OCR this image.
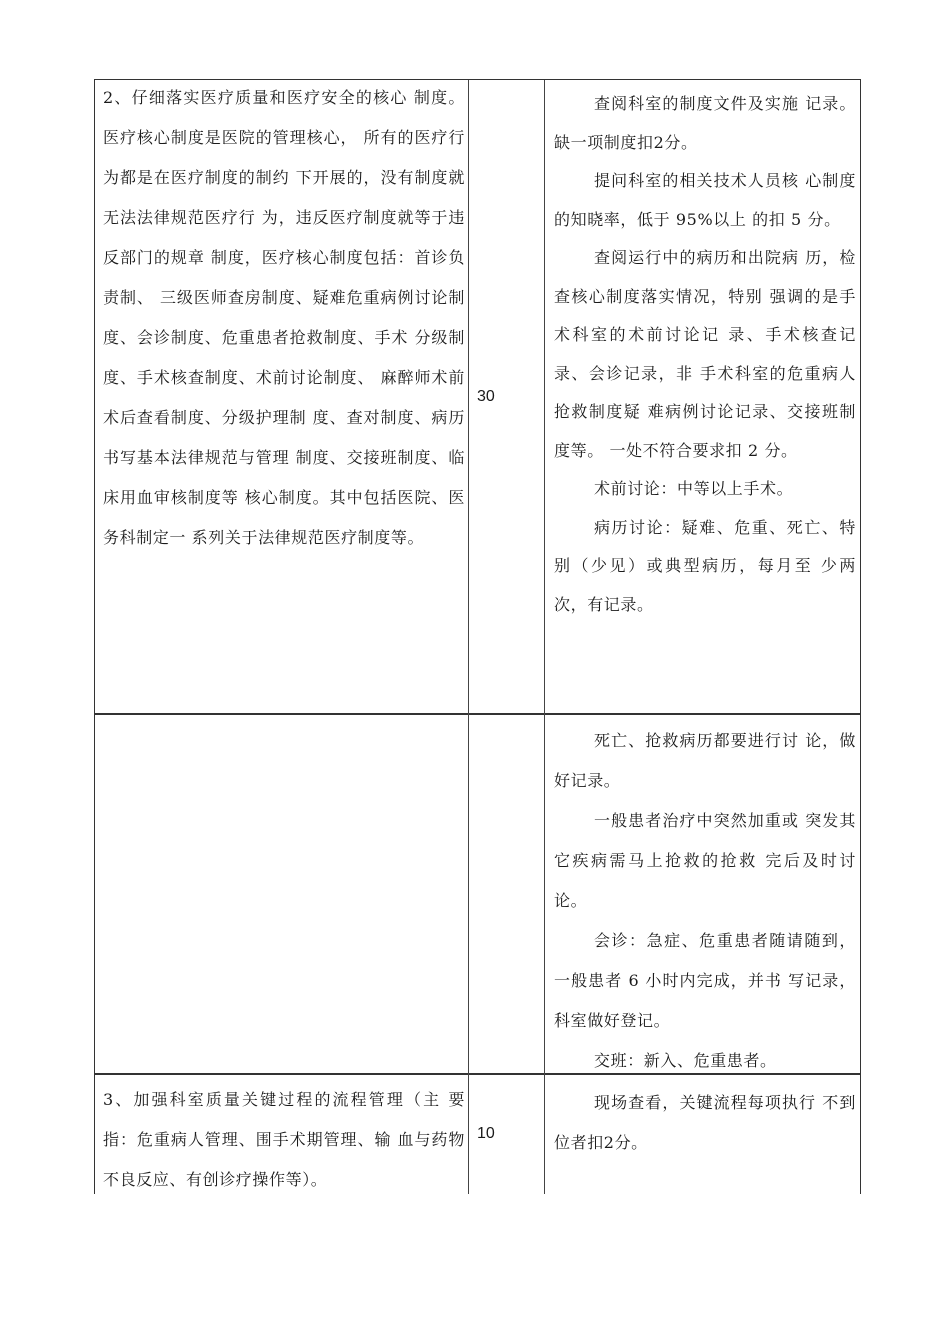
2、仔细落实医疗质量和医疗安全的核心 制度。医疗核心制度是医院的管理核心， 所有的医疗行为都是在医疗制度的制约 下开展的，没有制度就无法法律规范医疗行 为，违反医疗制度就等于违反部门的规章 制度，医疗核心制度包括：首诊负责制、 三级医师查房制度、疑难危重病例讨论制 度、会诊制度、危重患者抢救制度、手术 分级制度、手术核查制度、术前讨论制度、 麻醉师术前术后查看制度、分级护理制 度、查对制度、病历书写基本法律规范与管理 制度、交接班制度、临床用血审核制度等 核心制度。其中包括医院、医务科制定一 系列关于法律规范医疗制度等。

30

查阅科室的制度文件及实施 记录。缺一项制度扣2分。

提问科室的相关技术人员核 心制度的知晓率，低于 95%以上 的扣 5 分。

查阅运行中的病历和出院病 历，检查核心制度落实情况，特别 强调的是手术科室的术前讨论记 录、手术核查记录、会诊记录，非 手术科室的危重病人抢救制度疑 难病例讨论记录、交接班制度等。 一处不符合要求扣 2 分。

术前讨论：中等以上手术。

病历讨论：疑难、危重、死亡、特别（少见）或典型病历，每月至 少两次，有记录。

死亡、抢救病历都要进行讨 论，做好记录。

一般患者治疗中突然加重或 突发其它疾病需马上抢救的抢救 完后及时讨论。

会诊：急症、危重患者随请随到，一般患者 6 小时内完成，并书 写记录，科室做好登记。

交班：新入、危重患者。

3、加强科室质量关键过程的流程管理（主 要指：危重病人管理、围手术期管理、输 血与药物不良反应、有创诊疗操作等）。

10

现场查看，关键流程每项执行 不到位者扣2分。
